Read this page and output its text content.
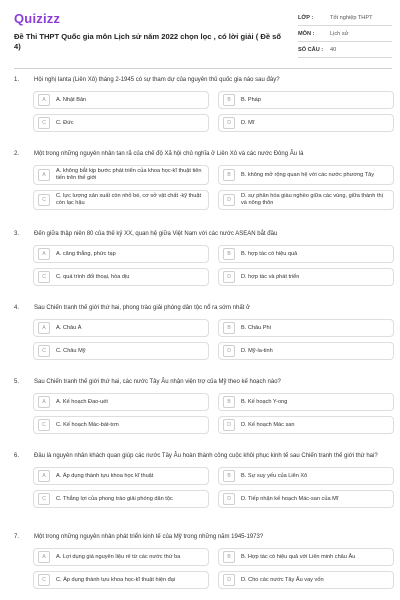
Quizizz
Đề Thi THPT Quốc gia môn Lịch sử năm 2022 chọn lọc , có lời giải ( Đề số 4)
LỚP :	Tốt nghiệp THPT
MÔN :	Lịch sử
SỐ CÂU :	40
1.	Hội nghị Ianta (Liên Xô) tháng 2-1945 có sự tham dự của nguyên thủ quốc gia nào sau đây?
A	A. Nhật Bản	B	B. Pháp
C	C. Đức	D	D. Mĩ
2.	Một trong những nguyên nhân tan rã của chế độ Xã hội chủ nghĩa ở Liên Xô và các nước Đông Âu là
A
A. không bắt kịp bước phát triển của khoa học-kĩ thuật tiên tiến trên thế giới	B	B. không mở rộng quan hệ với các nước phương Tây
C
C. lực lượng sản xuất còn nhỏ bé, cơ sở vật chất -kỹ thuật còn lạc hậu	D
D. sự phân hóa giàu nghèo giữa các vùng, giữa thành thị và nông thôn
3.	Đến giữa thập niên 80 của thế kỷ XX, quan hệ giữa Việt Nam với các nước ASEAN bắt đầu
A	A. căng thẳng, phức tạp	B	B. hợp tác có hiệu quả
C	C. quá trình đối thoại, hòa dịu	D	D. hợp tác và phát triển
4.	Sau Chiến tranh thế giới thứ hai, phong trào giải phóng dân tộc nổ ra sớm nhất ở
A	A. Châu Á	B	B. Châu Phi
C	C. Châu Mỹ	D	D. Mỹ-la-tinh
5.	Sau Chiến tranh thế giới thứ hai, các nước Tây Âu nhận viện trợ của Mỹ theo kế hoạch nào?
A	A. Kế hoạch Đao-uét	B	B. Kế hoạch Y-ong
C	C. Kế hoạch Mác-bát-tơn	D	D. Kế hoạch Mác san
6.	Đâu là nguyên nhân khách quan giúp các nước Tây Âu hoàn thành công cuộc khôi phục kinh tế sau Chiến tranh thế giới thứ hai?
A	A. Áp dụng thành tựu khoa học kĩ thuật	B	B. Sự suy yếu của Liên Xô
C	C. Thắng lợi của phong trào giải phóng dân tộc	D	D. Tiếp nhận kế hoạch Mác-san của Mĩ
7.	Một trong những nguyên nhân phát triển kinh tế của Mỹ trong những năm 1945-1973?
A	A. Lợi dụng giá nguyên liệu rẻ từ các nước thứ ba	B	B. Hợp tác có hiệu quả với Liên minh châu Âu
C	C. Áp dụng thành tựu khoa học-kĩ thuật hiện đại	D	D. Cho các nước Tây Âu vay vốn
